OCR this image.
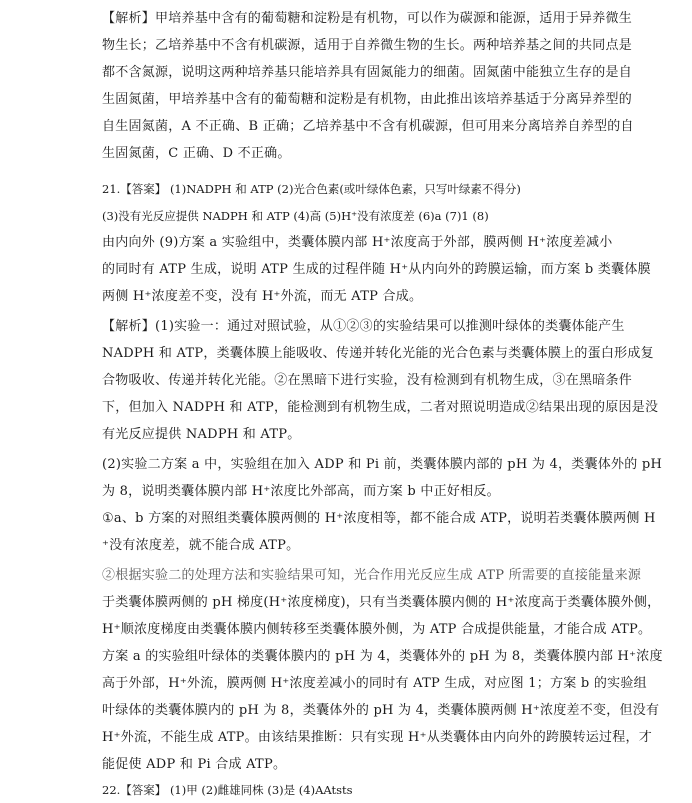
【解析】甲培养基中含有的葡萄糖和淀粉是有机物，可以作为碳源和能源，适用于异养微生
物生长；乙培养基中不含有机碳源，适用于自养微生物的生长。两种培养基之间的共同点是
都不含氮源，说明这两种培养基只能培养具有固氮能力的细菌。固氮菌中能独立生存的是自
生固氮菌，甲培养基中含有的葡萄糖和淀粉是有机物，由此推出该培养基适于分离异养型的
自生固氮菌，A 不正确、B 正确；乙培养基中不含有机碳源，但可用来分离培养自养型的自
生固氮菌，C 正确、D 不正确。
21.【答案】 (1)NADPH 和 ATP (2)光合色素(或叶绿体色素，只写叶绿素不得分)
(3)没有光反应提供 NADPH 和 ATP (4)高 (5)H⁺没有浓度差 (6)a (7)1 (8)
由内向外 (9)方案 a 实验组中，类囊体膜内部 H⁺浓度高于外部，膜两侧 H⁺浓度差减小
的同时有 ATP 生成，说明 ATP 生成的过程伴随 H⁺从内向外的跨膜运输，而方案 b 类囊体膜
两侧 H⁺浓度差不变，没有 H⁺外流，而无 ATP 合成。
【解析】(1)实验一：通过对照试验，从①②③的实验结果可以推测叶绿体的类囊体能产生
NADPH 和 ATP，类囊体膜上能吸收、传递并转化光能的光合色素与类囊体膜上的蛋白形成复
合物吸收、传递并转化光能。②在黑暗下进行实验，没有检测到有机物生成，③在黑暗条件
下，但加入 NADPH 和 ATP，能检测到有机物生成，二者对照说明造成②结果出现的原因是没
有光反应提供 NADPH 和 ATP。
(2)实验二方案 a 中，实验组在加入 ADP 和 Pi 前，类囊体膜内部的 pH 为 4，类囊体外的 pH
为 8，说明类囊体膜内部 H⁺浓度比外部高，而方案 b 中正好相反。
①a、b 方案的对照组类囊体膜两侧的 H⁺浓度相等，都不能合成 ATP，说明若类囊体膜两侧 H
⁺没有浓度差，就不能合成 ATP。
②根据实验二的处理方法和实验结果可知，光合作用光反应生成 ATP 所需要的直接能量来源
于类囊体膜两侧的 pH 梯度(H⁺浓度梯度)，只有当类囊体膜内侧的 H⁺浓度高于类囊体膜外侧，
H⁺顺浓度梯度由类囊体膜内侧转移至类囊体膜外侧，为 ATP 合成提供能量，才能合成 ATP。
方案 a 的实验组叶绿体的类囊体膜内的 pH 为 4，类囊体外的 pH 为 8，类囊体膜内部 H⁺浓度
高于外部，H⁺外流，膜两侧 H⁺浓度差减小的同时有 ATP 生成，对应图 1；方案 b 的实验组
叶绿体的类囊体膜内的 pH 为 8，类囊体外的 pH 为 4，类囊体膜两侧 H⁺浓度差不变，但没有
H⁺外流，不能生成 ATP。由该结果推断：只有实现 H⁺从类囊体由内向外的跨膜转运过程，才
能促使 ADP 和 Pi 合成 ATP。
22.【答案】 (1)甲 (2)雌雄同株 (3)是 (4)AAtsts
